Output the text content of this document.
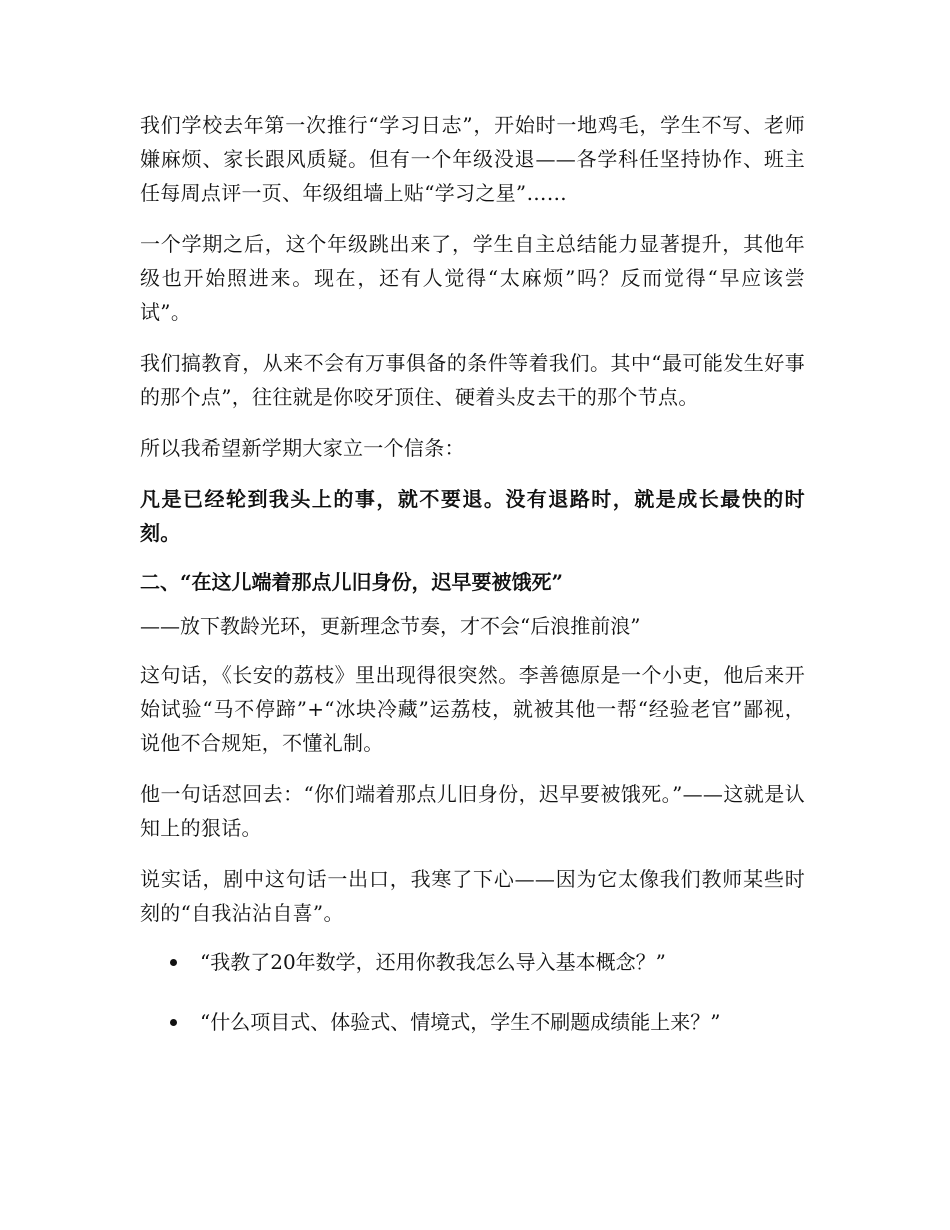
我们学校去年第一次推行“学习日志”，开始时一地鸡毛，学生不写、老师嫌麻烦、家长跟风质疑。但有一个年级没退——各学科任坚持协作、班主任每周点评一页、年级组墙上贴“学习之星”……

一个学期之后，这个年级跳出来了，学生自主总结能力显著提升，其他年级也开始照进来。现在，还有人觉得“太麻烦”吗？反而觉得“早应该尝试”。

我们搞教育，从来不会有万事俱备的条件等着我们。其中“最可能发生好事的那个点”，往往就是你咬牙顶住、硬着头皮去干的那个节点。

所以我希望新学期大家立一个信条：

凡是已经轮到我头上的事，就不要退。没有退路时，就是成长最快的时刻。

二、“在这儿端着那点儿旧身份，迟早要被饿死”

——放下教龄光环，更新理念节奏，才不会“后浪推前浪”

这句话，《长安的荔枝》里出现得很突然。李善德原是一个小吏，他后来开始试验“马不停蹄”+“冰块冷藏”运荔枝，就被其他一帮“经验老官”鄙视，说他不合规矩，不懂礼制。

他一句话怼回去：“你们端着那点儿旧身份，迟早要被饿死。”——这就是认知上的狠话。

说实话，剧中这句话一出口，我寒了下心——因为它太像我们教师某些时刻的“自我沾沾自喜”。

“我教了20年数学，还用你教我怎么导入基本概念？”
“什么项目式、体验式、情境式，学生不刷题成绩能上来？”
